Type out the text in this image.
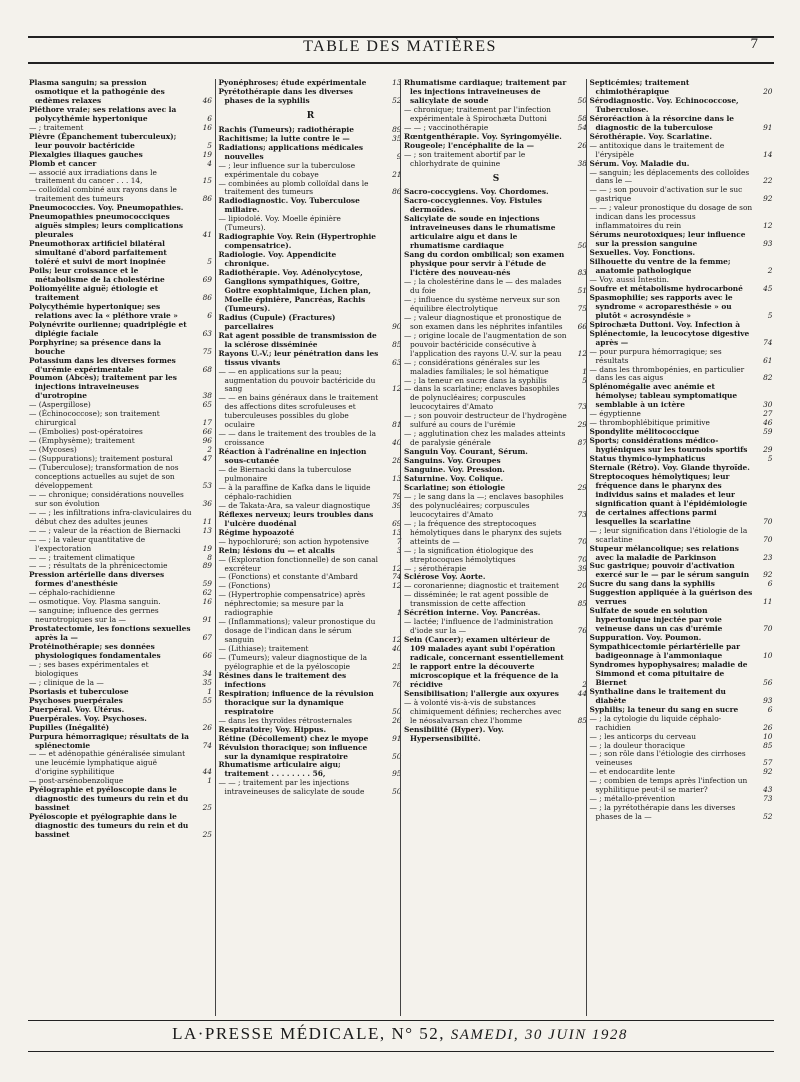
TABLE DES MATIÈRES	7

Plasma sanguin; sa pression osmotique et la pathogénie des œdèmes relaxes	46

Pléthore vraie; ses relations avec la polycythémie hypertonique	6

— ; traitement	16

Plèvre (Épanchement tuberculeux); leur pouvoir bactéricide	5

Plexalgies iliaques gauches	19

Plomb et cancer	4

— associé aux irradiations dans le traitement du cancer . . . 14,	15

— colloïdal combiné aux rayons dans le traitement des tumeurs	86

Pneumococcies. Voy. Pneumopathies.

Pneumopathies pneumococciques aiguës simples; leurs complications pleurales	41

Pneumothorax artificiel bilatéral simultané d'abord parfaitement toléré et suivi de mort inopinée	5

Poils; leur croissance et le métabolisme de la cholestérine	69

Poliomyélite aiguë; étiologie et traitement	86

Polycythémie hypertonique; ses relations avec la « pléthore vraie »	6

Polynévrite ourlienne; quadriplégie et diplégie faciale	63

Porphyrine; sa présence dans la bouche	75

Potassium dans les diverses formes d'urémie expérimentale	68

Poumon (Abcès); traitement par les injections intraveineuses d'urotropine	38

— (Aspergillose)	65

— (Échinococcose); son traitement chirurgical	17

— (Embolies) post-opératoires	66

— (Emphysème); traitement	96

— (Mycoses)	2

— (Suppurations); traitement postural	47

— (Tuberculose); transformation de nos conceptions actuelles au sujet de son développement	53

— — chronique; considérations nouvelles sur son évolution	36

— — ; les infiltrations infra-claviculaires du début chez des adultes jeunes	11

— — ; valeur de la réaction de Biernacki	13

— — ; la valeur quantitative de l'expectoration	19

— — ; traitement climatique	8

— — ; résultats de la phrénicectomie	89

Pression artérielle dans diverses formes d'anesthésie	59

— céphalo-rachidienne	62

— osmotique. Voy. Plasma sanguin.	16

— sanguine; influence des gerrnes neurotropiques sur la —	91

Prostatectomie, les fonctions sexuelles après la —	67

Protéinothérapie; ses données physiologiques fondamentales	66

— ; ses bases expérimentales et biologiques	34

— ; clinique de la —	35

Psoriasis et tuberculose	1

Psychoses puerpérales	55

Puerpéral. Voy. Utérus.

Puerpérales. Voy. Psychoses.

Pupilles (Inégalité)	26

Purpura hémorragique; résultats de la splénectomie	74

— — et adénopathie généralisée simulant une leucémie lymphatique aiguë d'origine syphilitique	44

— post-arsénobenzolique	1

Pyélographie et pyéloscopie dans le diagnostic des tumeurs du rein et du bassinet	25

Pyéloscopie et pyélographie dans le diagnostic des tumeurs du rein et du bassinet	25

Pyonéphroses; étude expérimentale	13

Pyrétothérapie dans les diverses phases de la syphilis	52

R

Rachis (Tumeurs); radiothérapie	89

Rachitisme; la lutte contre le —	35

Radiations; applications médicales nouvelles	9

— ; leur influence sur la tuberculose expérimentale du cobaye	21

— combinées au plomb colloïdal dans le traitement des tumeurs	86

Radiodiagnostic. Voy. Tuberculose miliaire.

— lipiodolé. Voy. Moelle épinière (Tumeurs).

Radiographie Voy. Rein (Hypertrophie compensatrice).

Radiologie. Voy. Appendicite chronique.

Radiothérapie. Voy. Adénolycytose, Ganglions sympathiques, Goitre, Goitre exophtalmique, Lichen plan, Moelle épinière, Pancréas, Rachis (Tumeurs).

Radius (Cupule) (Fractures) parcellaires	90

Rat agent possible de transmission de la sclérose disséminée	85

Rayons U.-V.; leur pénétration dans les tissus vivants	63

— — en applications sur la peau; augmentation du pouvoir bactéricide du sang	12

— — en bains généraux dans le traitement des affections dites scrofuleuses et tuberculeuses possibles du globe oculaire	81

— — dans le traitement des troubles de la croissance	40

Réaction à l'adrénaline en injection sous-cutanée	28

— de Biernacki dans la tuberculose pulmonaire	13

— à la paraffine de Kafka dans le liquide céphalo-rachidien	79

— de Takata-Ara, sa valeur diagnostique	39

Réflexes nerveux; leurs troubles dans l'ulcère duodénal	69

Régime hypoazoté	13

— hypochloruré; son action hypotensive	7

Rein; lésions du — et alcalis	3

— (Exploration fonctionnelle) de son canal excréteur	12

— (Fonctions) et constante d'Ambard	74

— (Fonctions)	12

— (Hypertrophie compensatrice) après néphrectomie; sa mesure par la radiographie	1

— (Inflammations); valeur pronostique du dosage de l'indican dans le sérum sanguin	12

— (Lithiase); traitement	40

— (Tumeurs); valeur diagnostique de la pyélographie et de la pyéloscopie	25

Résines dans le traitement des infections	76

Respiration; influence de la révulsion thoracique sur la dynamique respiratoire	50

— dans les thyroïdes rétrosternales	26

Respiratoire; Voy. Hippus.

Rétine (Décollement) chez le myope	91

Révulsion thoracique; son influence sur la dynamique respiratoire	50

Rhumatisme articulaire aigu; traitement . . . . . . . . 56,	95

— — ; traitement par les injections intraveineuses de salicylate de soude	50

Rhumatisme cardiaque; traitement par les injections intraveineuses de salicylate de soude	50

— chronique; traitement par l'infection expérimentale à Spirochæta Duttoni	58

— — ; vaccinothérapie	54

Rœntgenthérapie. Voy. Syringomyélie.

Rougeole; l'encéphalite de la —	26

— ; son traitement abortif par le chlorhydrate de quinine	38

S

Sacro-coccygiens. Voy. Chordomes.

Sacro-coccygiennes. Voy. Fistules dermoïdes.

Salicylate de soude en injections intraveineuses dans le rhumatisme articulaire aigu et dans le rhumatisme cardiaque	50

Sang du cordon ombilical; son examen physique pour servir à l'étude de l'ictère des nouveau-nés	83

— ; la cholestérine dans le — des malades du foie	51

— ; influence du système nerveux sur son équilibre électrolytique	75

— ; valeur diagnostique et pronostique de son examen dans les néphrites infantiles 66

— ; origine locale de l'augmentation de son pouvoir bactéricide consécutive à l'application des rayons U.-V. sur la peau 12

— ; considérations générales sur les maladies familiales; le sol hématique	1

— ; la teneur en sucre dans la syphilis	5

— dans la scarlatine; enclaves basophiles de polynucléaires; corpuscules leucocytaires d'Amato	73

— ; son pouvoir destructeur de l'hydrogène sulfuré au cours de l'urémie	29

— ; agglutination chez les malades atteints de paralysie générale	87

Sanguin Voy. Courant, Sérum.

Sanguins. Voy. Groupes

Sanguine. Voy. Pression.

Saturnine. Voy. Colique.

Scarlatine; son étiologie	29

— ; le sang dans la —; enclaves basophiles des polynucléaires; corpuscules leucocytaires d'Amato	73

— ; la fréquence des streptocoques hémolytiques dans le pharynx des sujets atteints de —	70

— ; la signification étiologique des streptocoques hémolytiques	70

— ; sérothérapie	39

Sclérose Voy. Aorte.

— coronarienne; diagnostic et traitement	20

— disséminée; le rat agent possible de transmission de cette affection	85

Sécrétion interne. Voy. Pancréas.

— lactée; l'influence de l'administration d'iode sur la —	76

Sein (Cancer); examen ultérieur de 109 malades ayant subi l'opération radicale, concernant essentiellement le rapport entre la découverte microscopique et la fréquence de la récidive	2

Sensibilisation; l'allergie aux oxyures	44

— à volonté vis-à-vis de substances chimiquement définies; recherches avec le néosalvarsan chez l'homme	85

Sensibilité (Hyper). Voy. Hypersensibilité.

Septicémies; traitement chimiothérapique	20

Sérodiagnostic. Voy. Echinococcose, Tuberculose.

Séroréaction à la résorcine dans le diagnostic de la tuberculose	91

Sérothérapie. Voy. Scarlatine.

— antitoxique dans le traitement de l'érysipèle	14

Sérum. Voy. Maladie du.

— sanguin; les déplacements des colloïdes dans le —	22

— — ; son pouvoir d'activation sur le suc gastrique	92

— — ; valeur pronostique du dosage de son indican dans les processus inflammatoires du rein	12

Sérums neurotoxiques; leur influence sur la pression sanguine	93

Sexuelles. Voy. Fonctions.

Silhouette du ventre de la femme; anatomie pathologique	2

— Voy. aussi Intestin.

Soufre et métabolisme hydrocarboné	45

Spasmophilie; ses rapports avec le syndrome « acroparesthésie » ou plutôt « acrosyndésie »	5

Spirochæta Duttoni. Voy. Infection à

Splénectomie, la leucocytose digestive après —	74

— pour purpura hémorragique; ses résultats	61

— dans les thrombopénies, en particulier dans les cas aigus	82

Splénomégalie avec anémie et hémolyse; tableau symptomatique semblable à un ictère	30

— égyptienne	27

— thrombophlébitique primitive	46

Spondylite mélitococcique	59

Sports; considérations médico-hygiéniques sur les tournois sportifs 29

Status thymico-lymphaticus	5

Sternale (Rétro). Voy. Glande thyroïde.

Streptocoques hémolytiques; leur fréquence dans le pharynx des individus sains et malades et leur signification quant à l'épidémiologie de certaines affections parmi lesquelles la scarlatine	70

— ; leur signification dans l'étiologie de la scarlatine	70

Stupeur mélancolique; ses relations avec la maladie de Parkinson	23

Suc gastrique; pouvoir d'activation exercé sur le — par le sérum sanguin 92

Sucre du sang dans la syphilis	6

Suggestion appliquée à la guérison des verrues	11

Sulfate de soude en solution hypertonique injectée par voie veineuse dans un cas d'urémie	70

Suppuration. Voy. Poumon.

Sympathicectomie périartérielle par badigeonnage à l'ammoniaque	10

Syndromes hypophysaires; maladie de Simmond et coma pituitaire de Biernet	56

Synthaline dans le traitement du diabète	93

Syphilis; la teneur du sang en sucre	6

— ; la cytologie du liquide céphalo-rachidien	26

— ; les anticorps du cerveau	10

— ; la douleur thoracique	85

— ; son rôle dans l'étiologie des cirrhoses veineuses	57

— et endocardite lente	92

— ; combien de temps après l'infection un syphilitique peut-il se marier?	43

— ; métallo-prévention	73

— ; la pyrétothérapie dans les diverses phases de la —	52

LA·PRESSE MÉDICALE, N° 52, SAMEDI, 30 JUIN 1928
